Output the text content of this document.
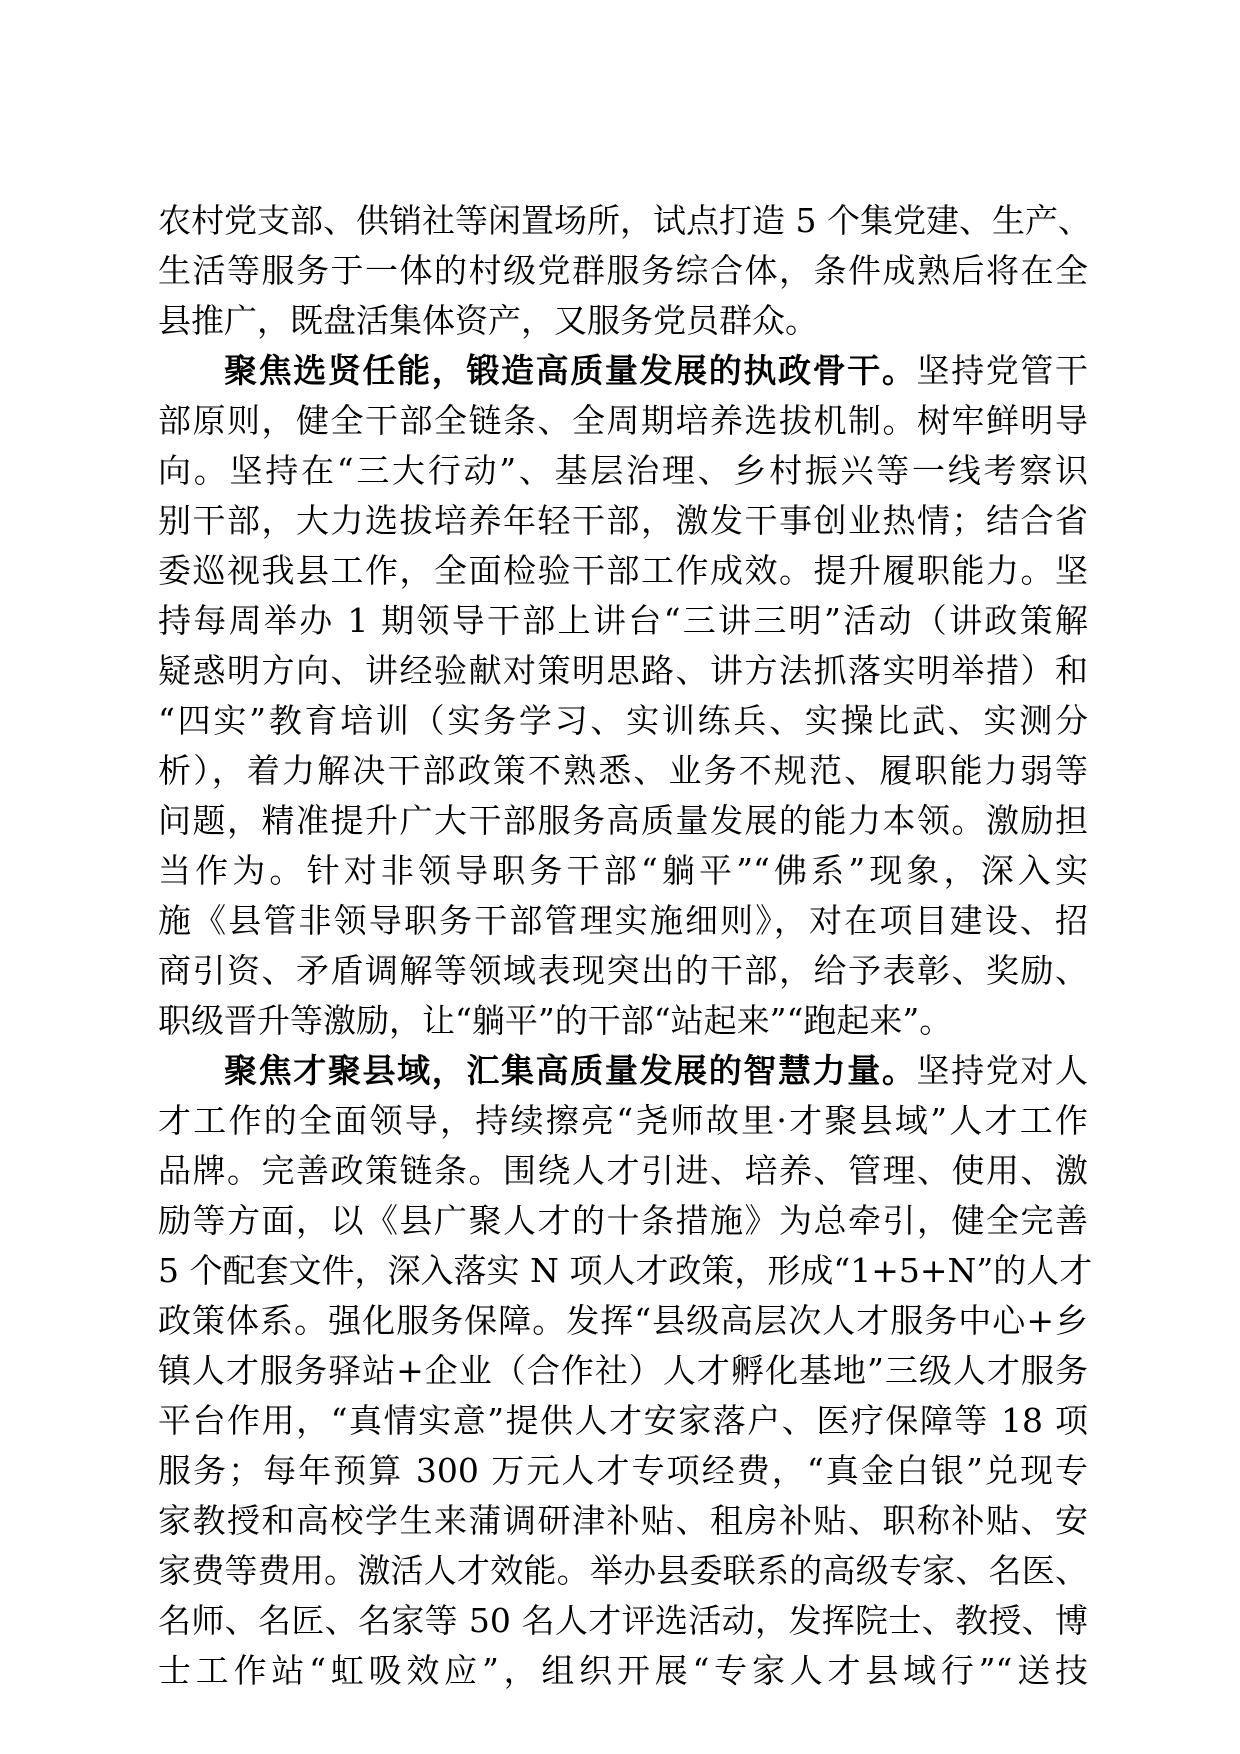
农村党支部、供销社等闲置场所，试点打造 5 个集党建、生产、
生活等服务于一体的村级党群服务综合体，条件成熟后将在全
县推广，既盘活集体资产，又服务党员群众。
聚焦选贤任能，锻造高质量发展的执政骨干。坚持党管干
部原则，健全干部全链条、全周期培养选拔机制。树牢鲜明导
向。坚持在“三大行动”、基层治理、乡村振兴等一线考察识
别干部，大力选拔培养年轻干部，激发干事创业热情；结合省
委巡视我县工作，全面检验干部工作成效。提升履职能力。坚
持每周举办 1 期领导干部上讲台“三讲三明”活动（讲政策解
疑惑明方向、讲经验献对策明思路、讲方法抓落实明举措）和
“四实”教育培训（实务学习、实训练兵、实操比武、实测分
析），着力解决干部政策不熟悉、业务不规范、履职能力弱等
问题，精准提升广大干部服务高质量发展的能力本领。激励担
当作为。针对非领导职务干部“躺平”“佛系”现象，深入实
施《县管非领导职务干部管理实施细则》，对在项目建设、招
商引资、矛盾调解等领域表现突出的干部，给予表彰、奖励、
职级晋升等激励，让“躺平”的干部“站起来”“跑起来”。
聚焦才聚县域，汇集高质量发展的智慧力量。坚持党对人
才工作的全面领导，持续擦亮“尧师故里·才聚县域”人才工作
品牌。完善政策链条。围绕人才引进、培养、管理、使用、激
励等方面，以《县广聚人才的十条措施》为总牵引，健全完善
5 个配套文件，深入落实 N 项人才政策，形成“1+5+N”的人才
政策体系。强化服务保障。发挥“县级高层次人才服务中心+乡
镇人才服务驿站+企业（合作社）人才孵化基地”三级人才服务
平台作用，“真情实意”提供人才安家落户、医疗保障等 18 项
服务；每年预算 300 万元人才专项经费，“真金白银”兑现专
家教授和高校学生来蒲调研津补贴、租房补贴、职称补贴、安
家费等费用。激活人才效能。举办县委联系的高级专家、名医、
名师、名匠、名家等 50 名人才评选活动，发挥院士、教授、博
士工作站“虹吸效应”，组织开展“专家人才县域行”“送技
